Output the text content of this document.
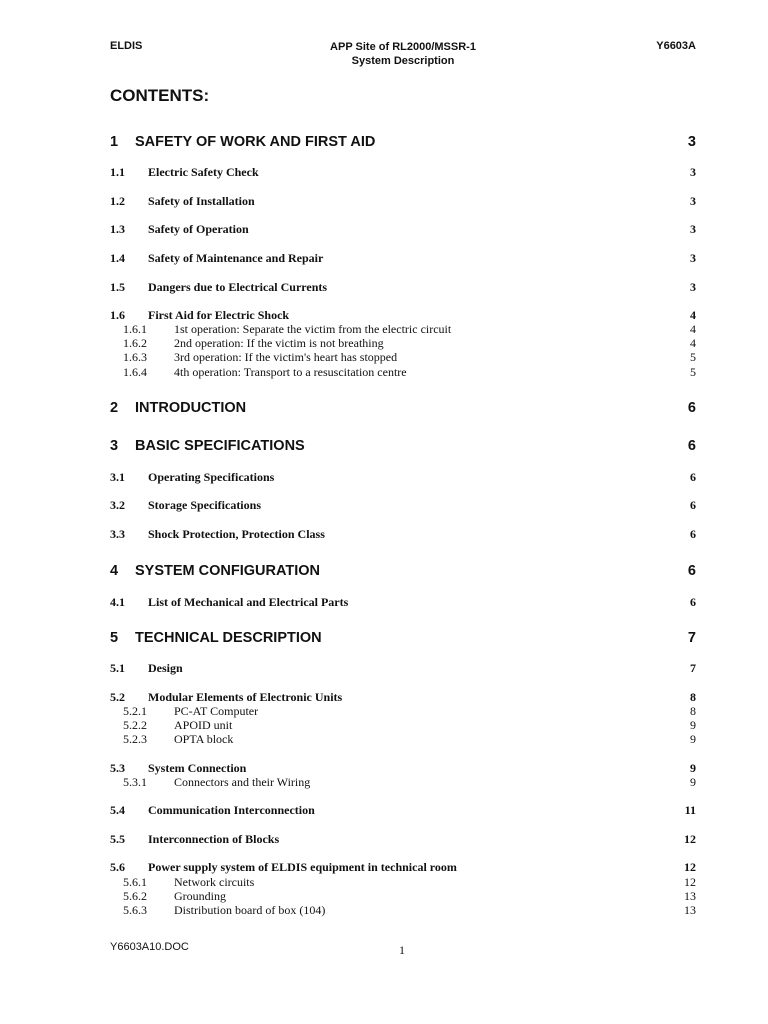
ELDIS	APP Site of RL2000/MSSR-1
System Description
Y6603A
CONTENTS:
1 SAFETY OF WORK AND FIRST AID	3
1.1 Electric Safety Check	3
1.2 Safety of Installation	3
1.3 Safety of Operation	3
1.4 Safety of Maintenance and Repair	3
1.5 Dangers due to Electrical Currents	3
1.6 First Aid for Electric Shock	4
1.6.1 1st operation: Separate the victim from the electric circuit	4
1.6.2 2nd operation: If the victim is not breathing	4
1.6.3 3rd operation: If the victim's heart has stopped	5
1.6.4 4th operation: Transport to a resuscitation centre	5
2 INTRODUCTION	6
3 BASIC SPECIFICATIONS	6
3.1 Operating Specifications	6
3.2 Storage Specifications	6
3.3 Shock Protection, Protection Class	6
4 SYSTEM CONFIGURATION	6
4.1 List of Mechanical and Electrical Parts	6
5 TECHNICAL DESCRIPTION	7
5.1 Design	7
5.2 Modular Elements of Electronic Units	8
5.2.1 PC-AT Computer	8
5.2.2 APOID unit	9
5.2.3 OPTA block	9
5.3 System Connection	9
5.3.1 Connectors and their Wiring	9
5.4 Communication Interconnection	11
5.5 Interconnection of Blocks	12
5.6 Power supply system of ELDIS equipment in technical room	12
5.6.1 Network circuits	12
5.6.2 Grounding	13
5.6.3 Distribution board of box (104)	13
Y6603A10.DOC	1
